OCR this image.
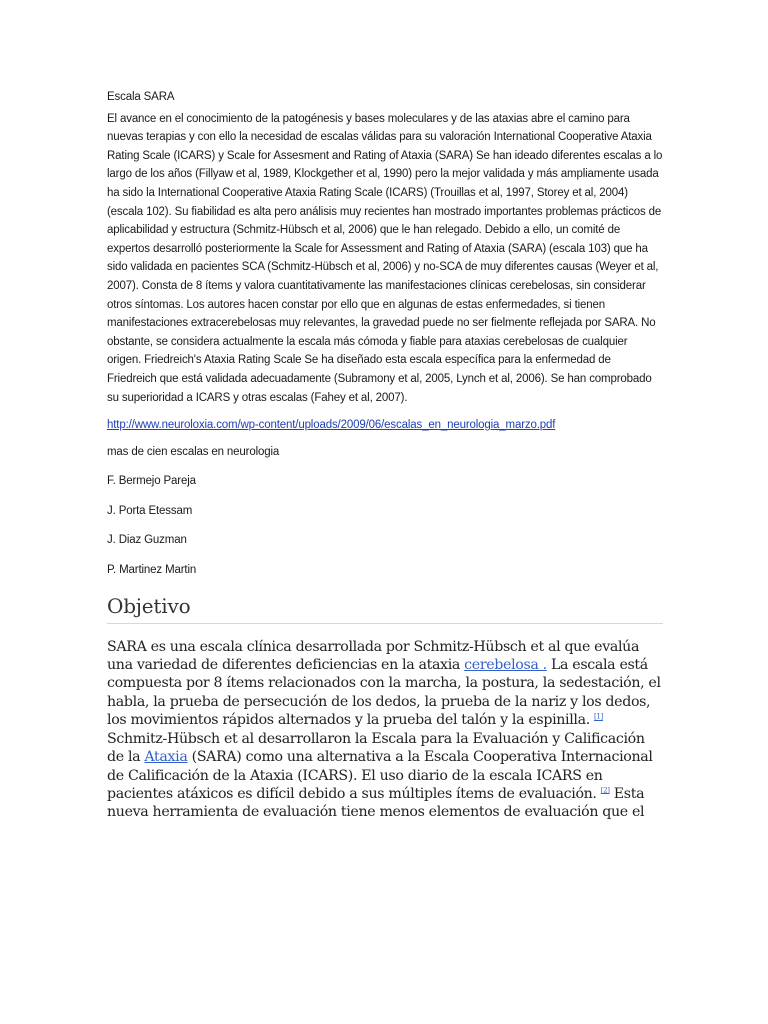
Escala SARA

El avance en el conocimiento de la patogénesis y bases moleculares y de las ataxias abre el camino para nuevas terapias y con ello la necesidad de escalas válidas para su valoración International Cooperative Ataxia Rating Scale (ICARS) y Scale for Assesment and Rating of Ataxia (SARA) Se han ideado diferentes escalas a lo largo de los años (Fillyaw et al, 1989, Klockgether et al, 1990) pero la mejor validada y más ampliamente usada ha sido la International Cooperative Ataxia Rating Scale (ICARS) (Trouillas et al, 1997, Storey et al, 2004) (escala 102). Su fiabilidad es alta pero análisis muy recientes han mostrado importantes problemas prácticos de aplicabilidad y estructura (Schmitz-Hübsch et al, 2006) que le han relegado. Debido a ello, un comité de expertos desarrolló posteriormente la Scale for Assessment and Rating of Ataxia (SARA) (escala 103) que ha sido validada en pacientes SCA (Schmitz-Hübsch et al, 2006) y no-SCA de muy diferentes causas (Weyer et al, 2007). Consta de 8 ítems y valora cuantitativamente las manifestaciones clínicas cerebelosas, sin considerar otros síntomas. Los autores hacen constar por ello que en algunas de estas enfermedades, si tienen manifestaciones extracerebelosas muy relevantes, la gravedad puede no ser fielmente reflejada por SARA. No obstante, se considera actualmente la escala más cómoda y fiable para ataxias cerebelosas de cualquier origen. Friedreich's Ataxia Rating Scale Se ha diseñado esta escala específica para la enfermedad de Friedreich que está validada adecuadamente (Subramony et al, 2005, Lynch et al, 2006). Se han comprobado su superioridad a ICARS y otras escalas (Fahey et al, 2007).

http://www.neuroloxia.com/wp-content/uploads/2009/06/escalas_en_neurologia_marzo.pdf

mas de cien escalas en neurologia

F. Bermejo Pareja

J. Porta Etessam

J. Diaz Guzman

P. Martinez Martin

Objetivo

SARA es una escala clínica desarrollada por Schmitz-Hübsch et al que evalúa una variedad de diferentes deficiencias en la ataxia cerebelosa . La escala está compuesta por 8 ítems relacionados con la marcha, la postura, la sedestación, el habla, la prueba de persecución de los dedos, la prueba de la nariz y los dedos, los movimientos rápidos alternados y la prueba del talón y la espinilla. [1] Schmitz-Hübsch et al desarrollaron la Escala para la Evaluación y Calificación de la Ataxia (SARA) como una alternativa a la Escala Cooperativa Internacional de Calificación de la Ataxia (ICARS). El uso diario de la escala ICARS en pacientes atáxicos es difícil debido a sus múltiples ítems de evaluación. [2] Esta nueva herramienta de evaluación tiene menos elementos de evaluación que el
